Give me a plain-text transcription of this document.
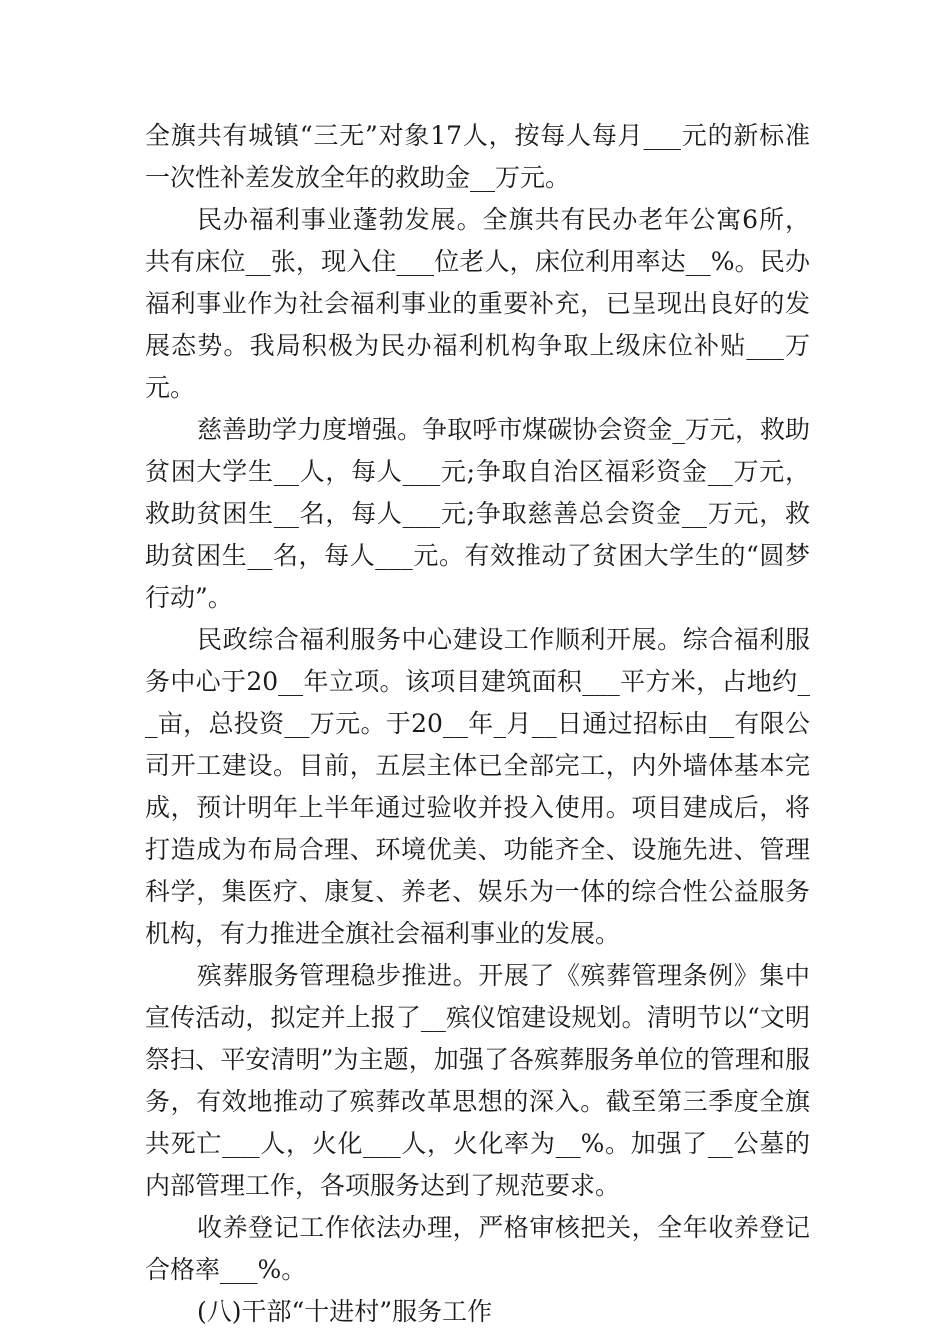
全旗共有城镇“三无”对象17人，按每人每月___元的新标准一次性补差发放全年的救助金__万元。

民办福利事业蓬勃发展。全旗共有民办老年公寓6所，共有床位__张，现入住___位老人，床位利用率达__%。民办福利事业作为社会福利事业的重要补充，已呈现出良好的发展态势。我局积极为民办福利机构争取上级床位补贴___万元。

慈善助学力度增强。争取呼市煤碳协会资金_万元，救助贫困大学生__人，每人___元;争取自治区福彩资金__万元，救助贫困生__名，每人___元;争取慈善总会资金__万元，救助贫困生__名，每人___元。有效推动了贫困大学生的“圆梦行动”。

民政综合福利服务中心建设工作顺利开展。综合福利服务中心于20__年立项。该项目建筑面积___平方米，占地约__亩，总投资__万元。于20__年_月__日通过招标由__有限公司开工建设。目前，五层主体已全部完工，内外墙体基本完成，预计明年上半年通过验收并投入使用。项目建成后，将打造成为布局合理、环境优美、功能齐全、设施先进、管理科学，集医疗、康复、养老、娱乐为一体的综合性公益服务机构，有力推进全旗社会福利事业的发展。

殡葬服务管理稳步推进。开展了《殡葬管理条例》集中宣传活动，拟定并上报了__殡仪馆建设规划。清明节以“文明祭扫、平安清明”为主题，加强了各殡葬服务单位的管理和服务，有效地推动了殡葬改革思想的深入。截至第三季度全旗共死亡___人，火化___人，火化率为__%。加强了__公墓的内部管理工作，各项服务达到了规范要求。

收养登记工作依法办理，严格审核把关，全年收养登记合格率___%。

(八)干部“十进村”服务工作
